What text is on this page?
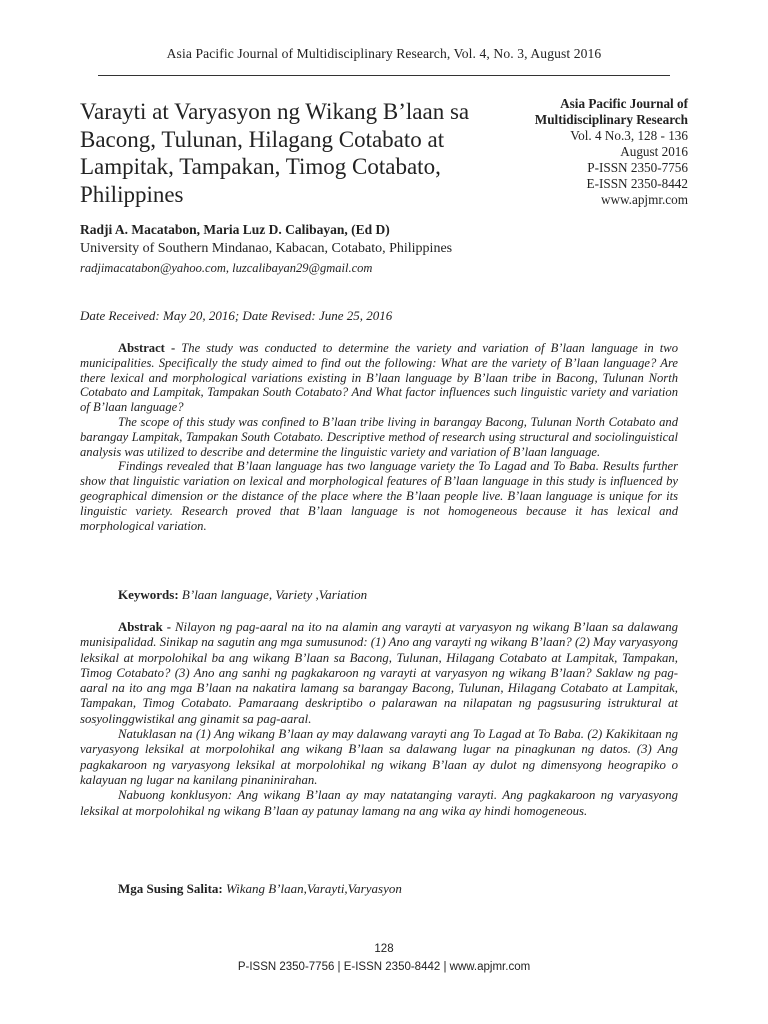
Asia Pacific Journal of Multidisciplinary Research, Vol. 4, No. 3, August 2016
Varayti at Varyasyon ng Wikang B’laan sa Bacong, Tulunan, Hilagang Cotabato at Lampitak, Tampakan, Timog Cotabato, Philippines
Asia Pacific Journal of Multidisciplinary Research
Vol. 4 No.3, 128 - 136
August 2016
P-ISSN 2350-7756
E-ISSN 2350-8442
www.apjmr.com
Radji A. Macatabon, Maria Luz D. Calibayan, (Ed D)
University of Southern Mindanao, Kabacan, Cotabato, Philippines
radjimacatabon@yahoo.com, luzcalibayan29@gmail.com
Date Received: May 20, 2016; Date Revised: June 25, 2016

Abstract - The study was conducted to determine the variety and variation of B’laan language in two municipalities. Specifically the study aimed to find out the following: What are the variety of B’laan language? Are there lexical and morphological variations existing in B’laan language by B’laan tribe in Bacong, Tulunan North Cotabato and Lampitak, Tampakan South Cotabato? And What factor influences such linguistic variety and variation of B’laan language?

The scope of this study was confined to B’laan tribe living in barangay Bacong, Tulunan North Cotabato and barangay Lampitak, Tampakan South Cotabato. Descriptive method of research using structural and sociolinguistical analysis was utilized to describe and determine the linguistic variety and variation of B’laan language.

Findings revealed that B’laan language has two language variety the To Lagad and To Baba. Results further show that linguistic variation on lexical and morphological features of B’laan language in this study is influenced by geographical dimension or the distance of the place where the B’laan people live. B’laan language is unique for its linguistic variety. Research proved that B’laan language is not homogeneous because it has lexical and morphological variation.

Keywords: B’laan language, Variety ,Variation

Abstrak - Nilayon ng pag-aaral na ito na alamin ang varayti at varyasyon ng wikang B’laan sa dalawang munisipalidad. Sinikap na sagutin ang mga sumusunod: (1) Ano ang varayti ng wikang B’laan? (2) May varyasyong leksikal at morpolohikal ba ang wikang B’laan sa Bacong, Tulunan, Hilagang Cotabato at Lampitak, Tampakan, Timog Cotabato? (3) Ano ang sanhi ng pagkakaroon ng varayti at varyasyon ng wikang B’laan? Saklaw ng pag-aaral na ito ang mga B’laan na nakatira lamang sa barangay Bacong, Tulunan, Hilagang Cotabato at Lampitak, Tampakan, Timog Cotabato. Pamaraang deskriptibo o palarawan na nilapatan ng pagsusuring istruktural at sosyolinggwistikal ang ginamit sa pag-aaral.

Natuklasan na (1) Ang wikang B’laan ay may dalawang varayti ang To Lagad at To Baba. (2) Kakikitaan ng varyasyong leksikal at morpolohikal ang wikang B’laan sa dalawang lugar na pinagkunan ng datos. (3) Ang pagkakaroon ng varyasyong leksikal at morpolohikal ng wikang B’laan ay dulot ng dimensyong heograpiko o kalayuan ng lugar na kanilang pinaninirahan.

Nabuong konklusyon: Ang wikang B’laan ay may natatanging varayti. Ang pagkakaroon ng varyasyong leksikal at morpolohikal ng wikang B’laan ay patunay lamang na ang wika ay hindi homogeneous.

Mga Susing Salita: Wikang B’laan,Varayti,Varyasyon
128
P-ISSN 2350-7756 | E-ISSN 2350-8442 | www.apjmr.com
